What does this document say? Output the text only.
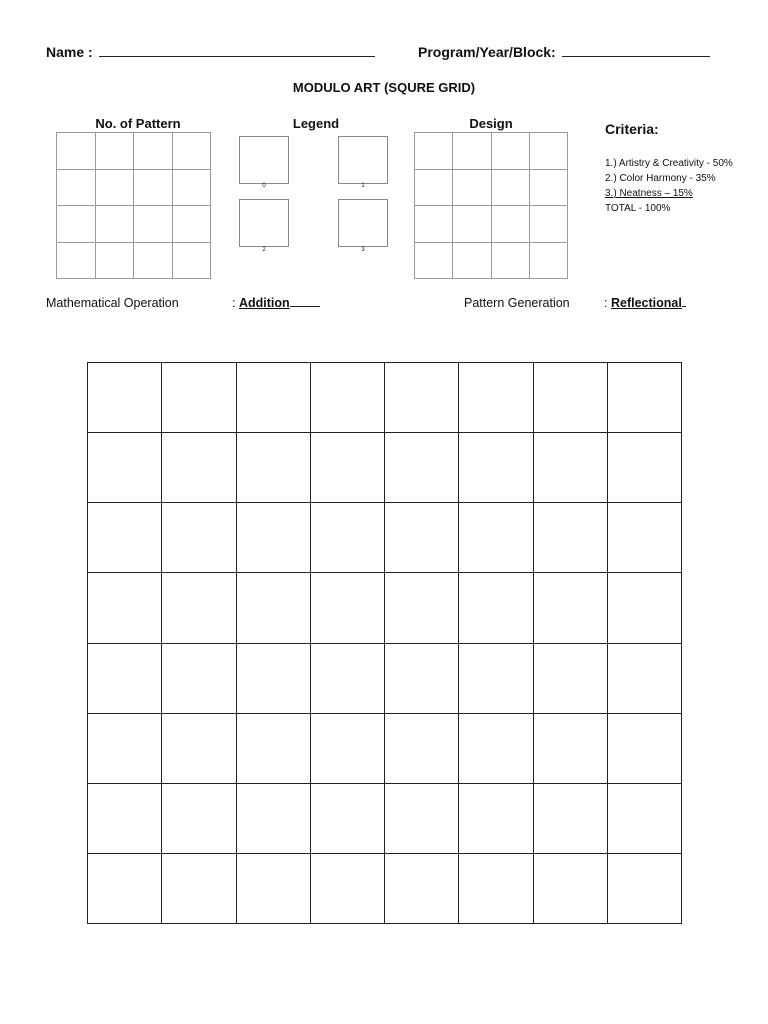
Name :	Program/Year/Block:
MODULO ART (SQURE GRID)
No. of Pattern	Legend	Design
0	1
2	3
Criteria:
1.) Artistry & Creativity - 50%
2.) Color Harmony - 35%
3.) Neatness – 15%
TOTAL - 100%
Mathematical Operation	: Addition	Pattern Generation	: Reflectional
